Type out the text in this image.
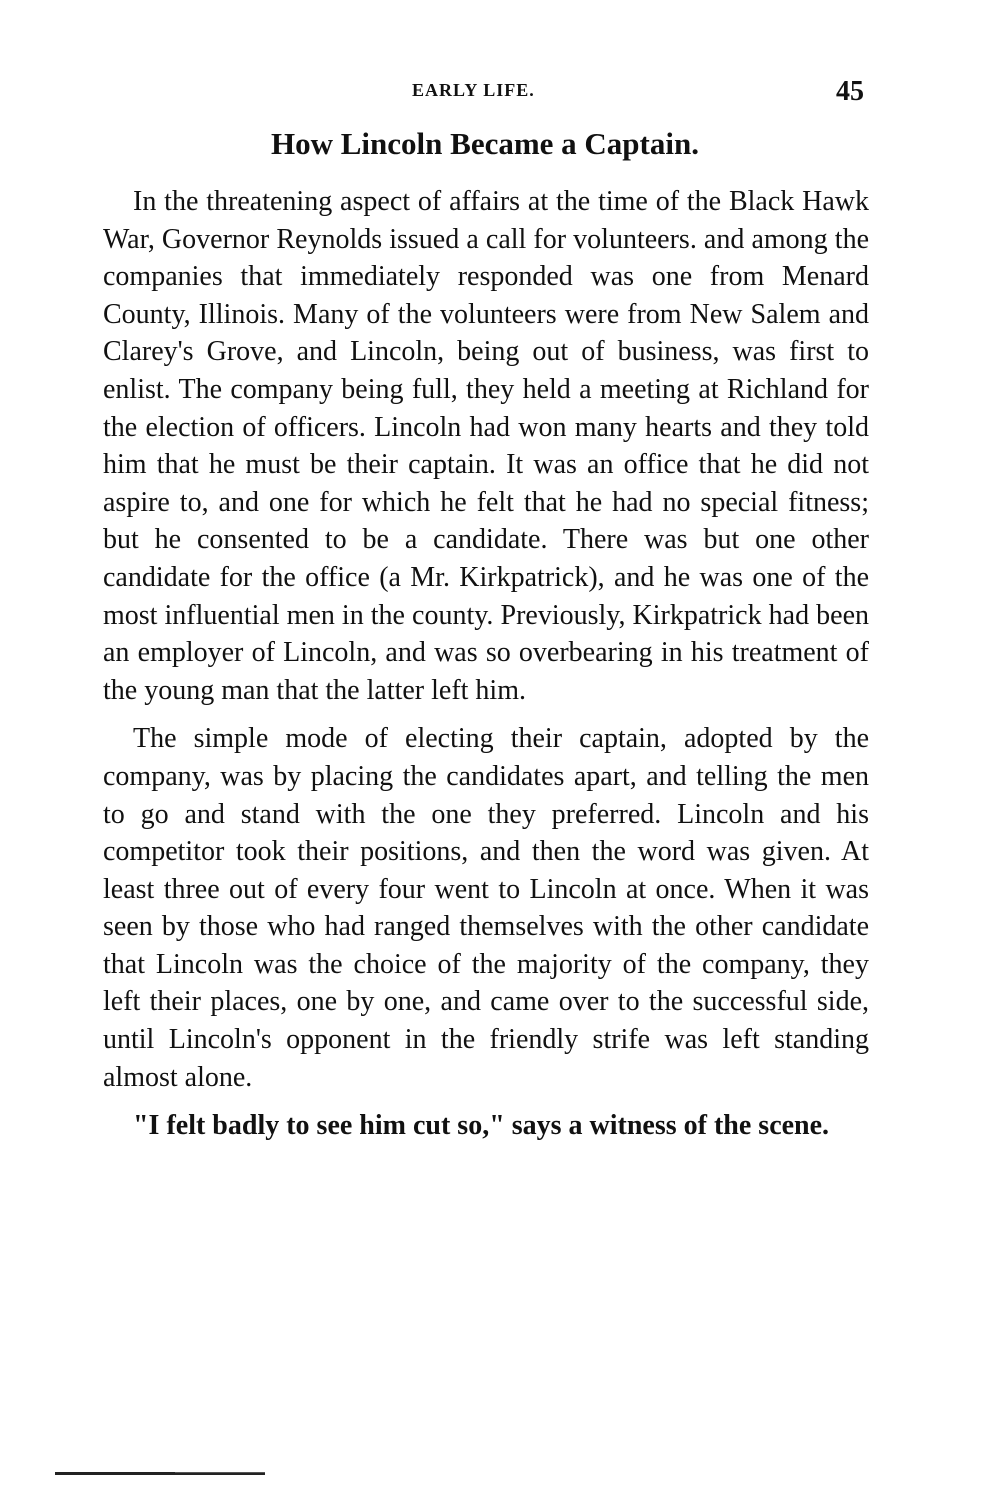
EARLY LIFE.	45
How Lincoln Became a Captain.

In the threatening aspect of affairs at the time of the Black Hawk War, Governor Reynolds issued a call for volunteers. and among the companies that immediately responded was one from Menard County, Illinois. Many of the volunteers were from New Salem and Clarey's Grove, and Lincoln, being out of business, was first to enlist. The company being full, they held a meeting at Richland for the election of officers. Lincoln had won many hearts and they told him that he must be their captain. It was an office that he did not aspire to, and one for which he felt that he had no special fitness; but he consented to be a candidate. There was but one other candidate for the office (a Mr. Kirkpatrick), and he was one of the most influential men in the county. Previously, Kirkpatrick had been an employer of Lincoln, and was so overbearing in his treatment of the young man that the latter left him.

The simple mode of electing their captain, adopted by the company, was by placing the candidates apart, and telling the men to go and stand with the one they preferred. Lincoln and his competitor took their positions, and then the word was given. At least three out of every four went to Lincoln at once. When it was seen by those who had ranged themselves with the other candidate that Lincoln was the choice of the majority of the company, they left their places, one by one, and came over to the successful side, until Lincoln's opponent in the friendly strife was left standing almost alone.

"I felt badly to see him cut so," says a witness of the scene.
